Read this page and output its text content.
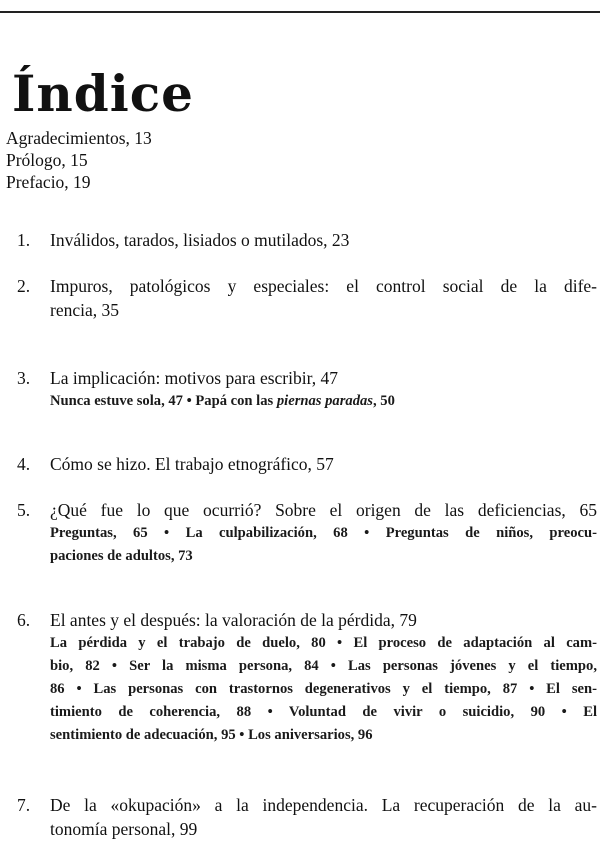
Índice
Agradecimientos, 13
Prólogo, 15
Prefacio, 19
1. Inválidos, tarados, lisiados o mutilados, 23
2. Impuros, patológicos y especiales: el control social de la dife-
rencia, 35
3. La implicación: motivos para escribir, 47
Nunca estuve sola, 47 • Papá con las piernas paradas, 50
4. Cómo se hizo. El trabajo etnográfico, 57
5. ¿Qué fue lo que ocurrió? Sobre el origen de las deficiencias, 65
Preguntas, 65 • La culpabilización, 68 • Preguntas de niños, preocu-
paciones de adultos, 73
6. El antes y el después: la valoración de la pérdida, 79
La pérdida y el trabajo de duelo, 80 • El proceso de adaptación al cam-
bio, 82 • Ser la misma persona, 84 • Las personas jóvenes y el tiempo,
86 • Las personas con trastornos degenerativos y el tiempo, 87 • El sen-
timiento de coherencia, 88 • Voluntad de vivir o suicidio, 90 • El
sentimiento de adecuación, 95 • Los aniversarios, 96
7. De la «okupación» a la independencia. La recuperación de la au-
tonomía personal, 99
